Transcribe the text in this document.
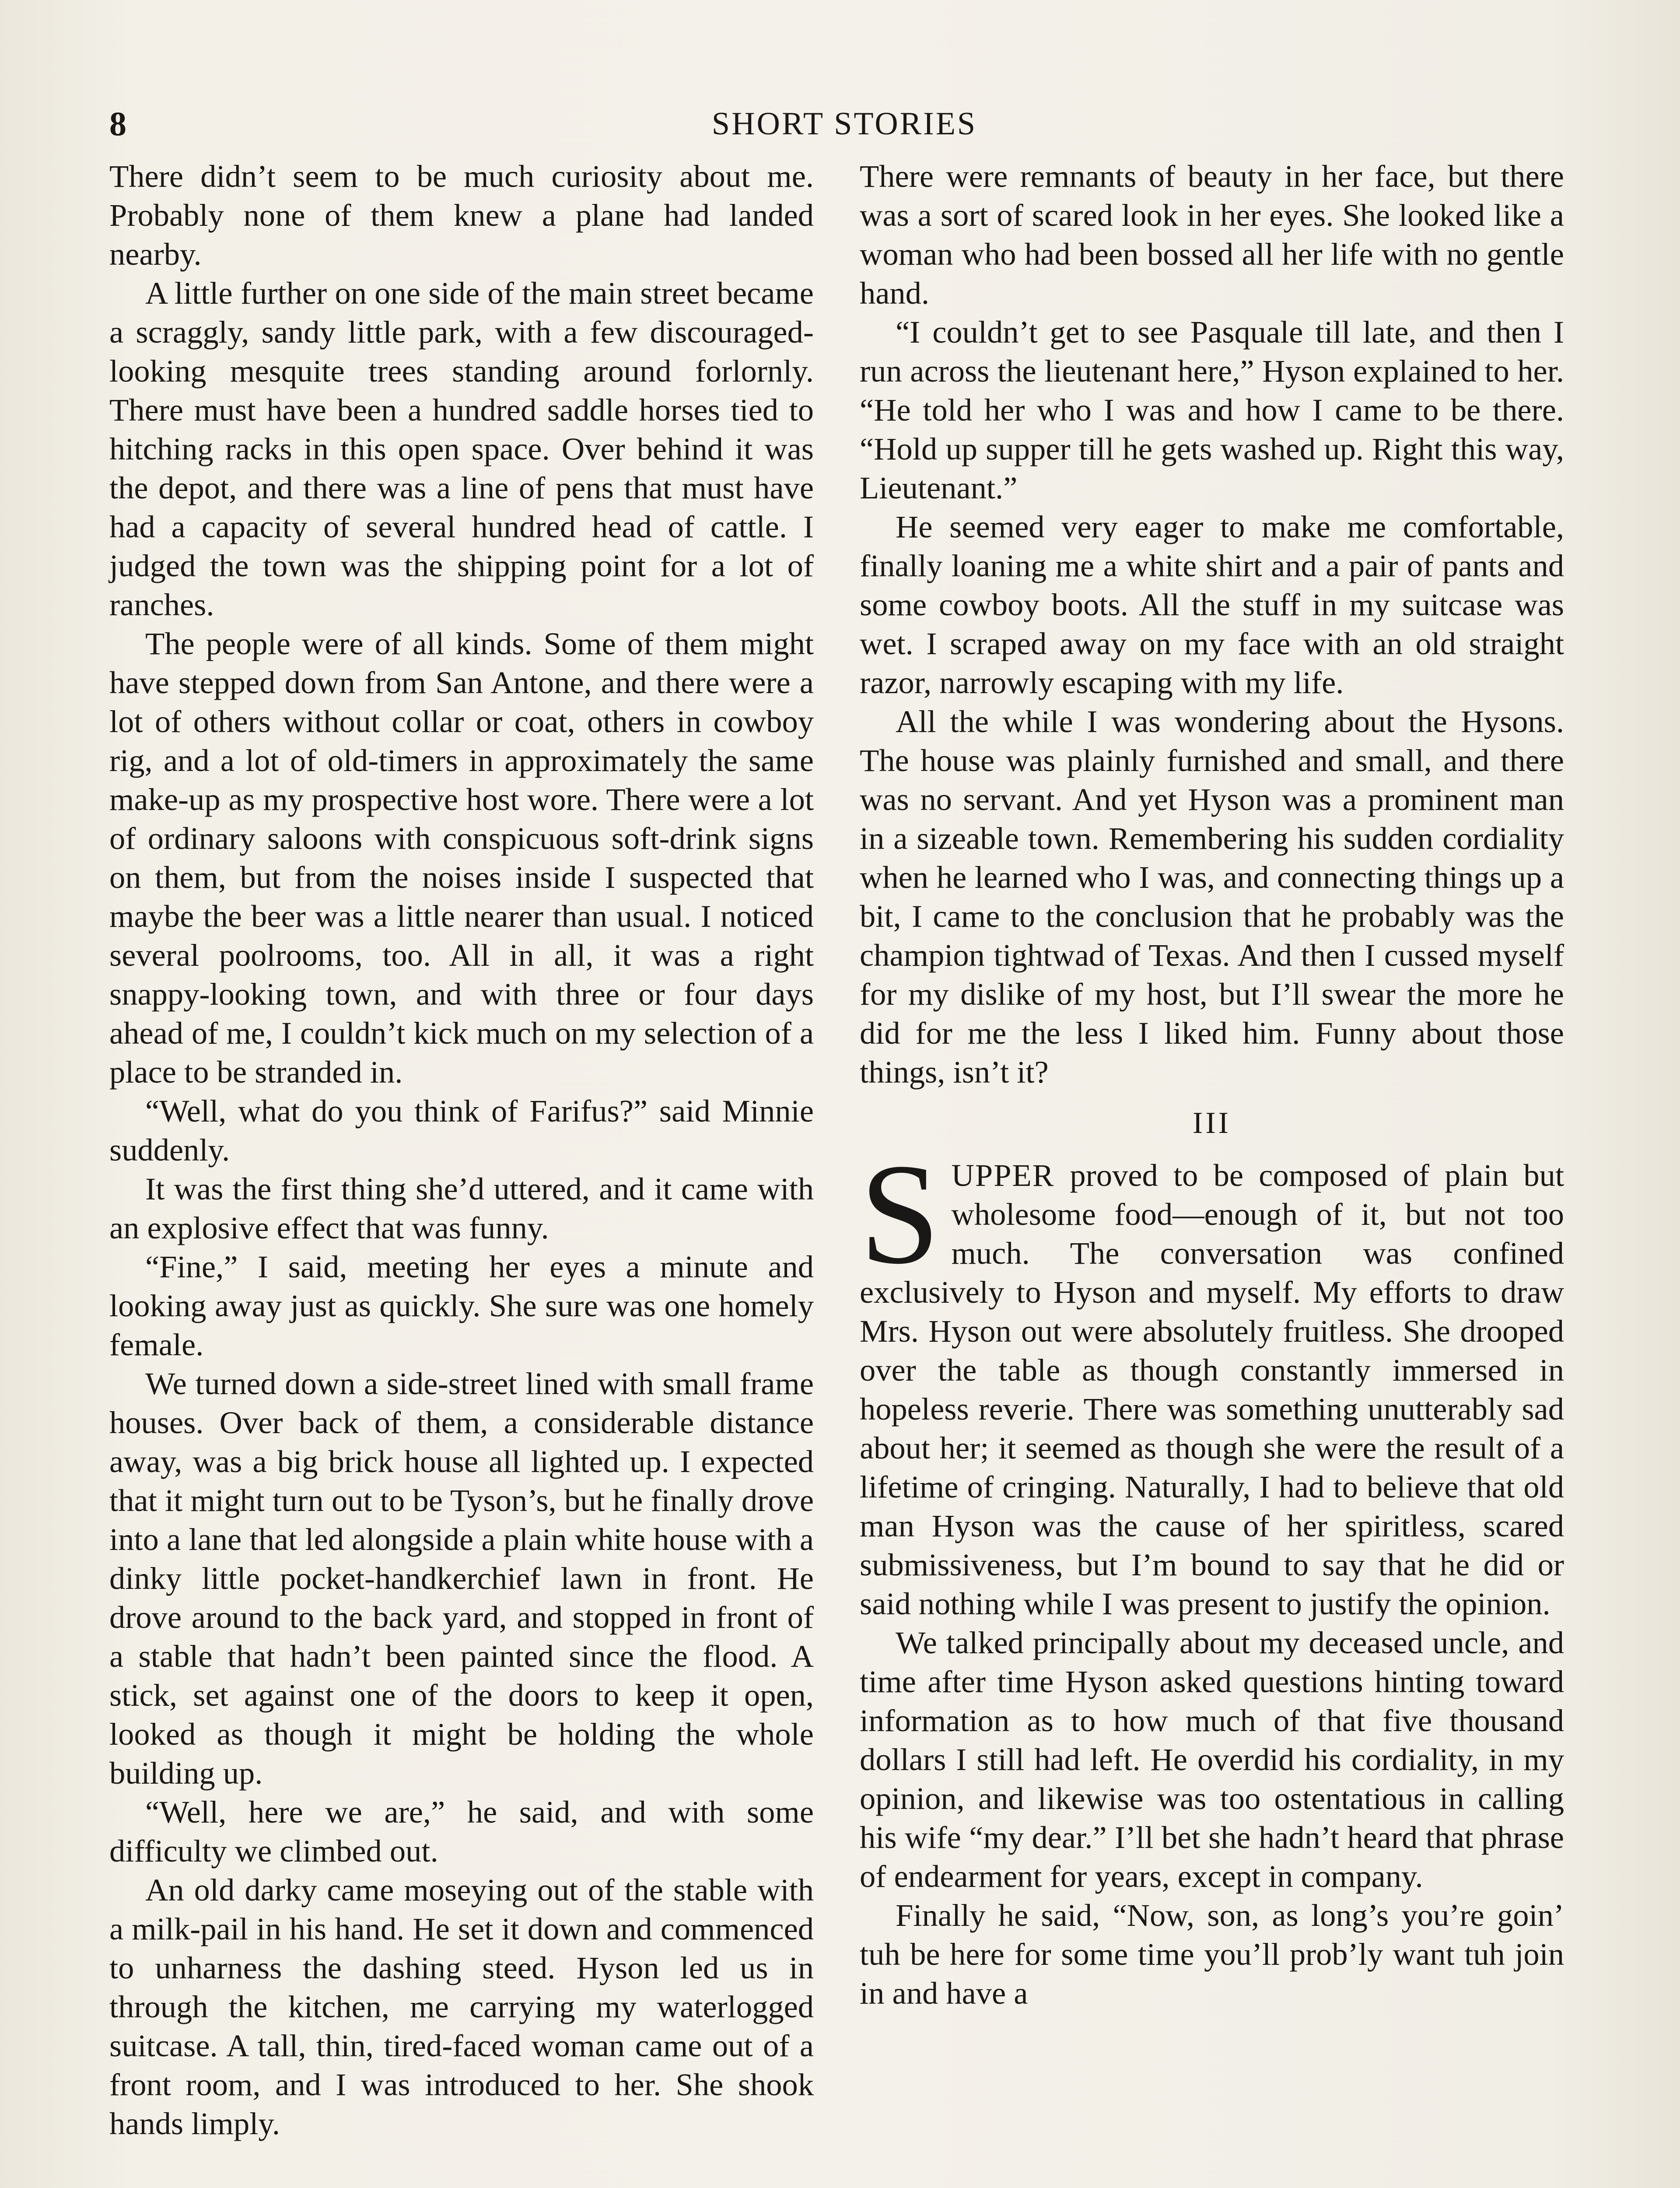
8	SHORT STORIES

There didn’t seem to be much curiosity about me. Probably none of them knew a plane had landed nearby.

A little further on one side of the main street became a scraggly, sandy little park, with a few discouraged-looking mesquite trees standing around forlornly. There must have been a hundred saddle horses tied to hitching racks in this open space. Over behind it was the depot, and there was a line of pens that must have had a capacity of several hundred head of cattle. I judged the town was the shipping point for a lot of ranches.

The people were of all kinds. Some of them might have stepped down from San Antone, and there were a lot of others without collar or coat, others in cowboy rig, and a lot of old-timers in approximately the same make-up as my prospective host wore. There were a lot of ordinary saloons with conspicuous soft-drink signs on them, but from the noises inside I suspected that maybe the beer was a little nearer than usual. I noticed several poolrooms, too. All in all, it was a right snappy-looking town, and with three or four days ahead of me, I couldn’t kick much on my selection of a place to be stranded in.

“Well, what do you think of Farifus?” said Minnie suddenly.

It was the first thing she’d uttered, and it came with an explosive effect that was funny.

“Fine,” I said, meeting her eyes a minute and looking away just as quickly. She sure was one homely female.

We turned down a side-street lined with small frame houses. Over back of them, a considerable distance away, was a big brick house all lighted up. I expected that it might turn out to be Tyson’s, but he finally drove into a lane that led alongside a plain white house with a dinky little pocket-handkerchief lawn in front. He drove around to the back yard, and stopped in front of a stable that hadn’t been painted since the flood. A stick, set against one of the doors to keep it open, looked as though it might be holding the whole building up.

“Well, here we are,” he said, and with some difficulty we climbed out.

An old darky came moseying out of the stable with a milk-pail in his hand. He set it down and commenced to unharness the dashing steed. Hyson led us in through the kitchen, me carrying my waterlogged suitcase. A tall, thin, tired-faced woman came out of a front room, and I was introduced to her. She shook hands limply.

There were remnants of beauty in her face, but there was a sort of scared look in her eyes. She looked like a woman who had been bossed all her life with no gentle hand.

“I couldn’t get to see Pasquale till late, and then I run across the lieutenant here,” Hyson explained to her. “He told her who I was and how I came to be there. “Hold up supper till he gets washed up. Right this way, Lieutenant.”

He seemed very eager to make me comfortable, finally loaning me a white shirt and a pair of pants and some cowboy boots. All the stuff in my suitcase was wet. I scraped away on my face with an old straight razor, narrowly escaping with my life.

All the while I was wondering about the Hysons. The house was plainly furnished and small, and there was no servant. And yet Hyson was a prominent man in a sizeable town. Remembering his sudden cordiality when he learned who I was, and connecting things up a bit, I came to the conclusion that he probably was the champion tightwad of Texas. And then I cussed myself for my dislike of my host, but I’ll swear the more he did for me the less I liked him. Funny about those things, isn’t it?

III

SUPPER proved to be composed of plain but wholesome food—enough of it, but not too much. The conversation was confined exclusively to Hyson and myself. My efforts to draw Mrs. Hyson out were absolutely fruitless. She drooped over the table as though constantly immersed in hopeless reverie. There was something unutterably sad about her; it seemed as though she were the result of a lifetime of cringing. Naturally, I had to believe that old man Hyson was the cause of her spiritless, scared submissiveness, but I’m bound to say that he did or said nothing while I was present to justify the opinion.

We talked principally about my deceased uncle, and time after time Hyson asked questions hinting toward information as to how much of that five thousand dollars I still had left. He overdid his cordiality, in my opinion, and likewise was too ostentatious in calling his wife “my dear.” I’ll bet she hadn’t heard that phrase of endearment for years, except in company.

Finally he said, “Now, son, as long’s you’re goin’ tuh be here for some time you’ll prob’ly want tuh join in and have a
